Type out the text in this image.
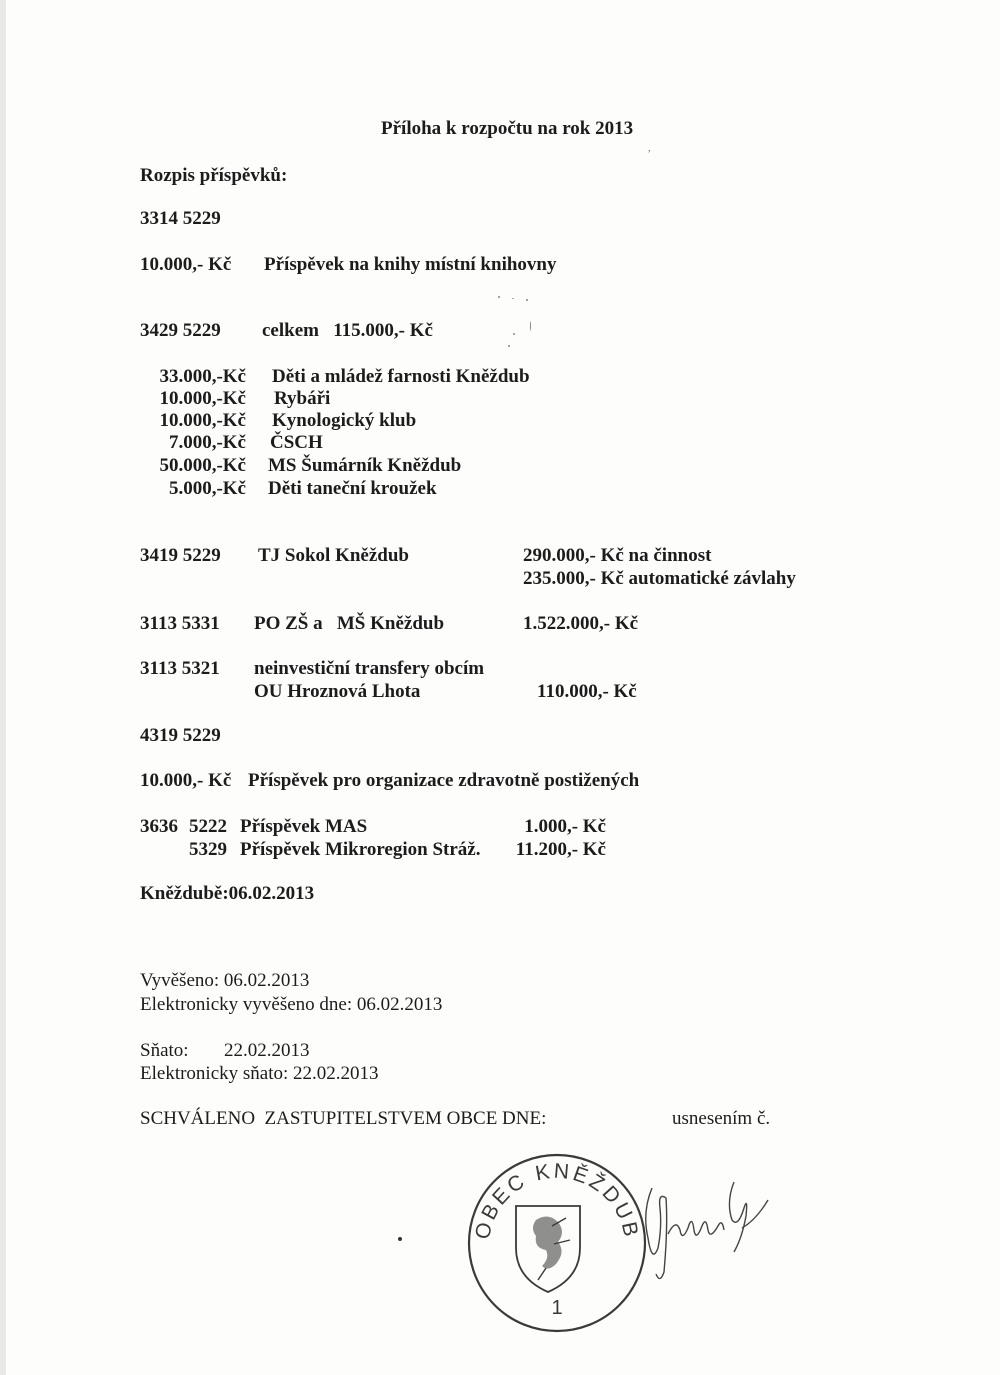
Příloha k rozpočtu na rok 2013
,
Rozpis příspěvků:
3314 5229
10.000,- Kč Příspěvek na knihy místní knihovny
3429 5229 celkem   115.000,- Kč
33.000,-Kč Děti a mládež farnosti Kněždub
10.000,-Kč Rybáři
10.000,-Kč Kynologický klub
7.000,-Kč ČSCH
50.000,-Kč MS Šumárník Kněždub
5.000,-Kč Děti taneční kroužek
3419 5229 TJ Sokol Kněždub	290.000,- Kč na činnost
235.000,- Kč automatické závlahy
3113 5331 PO ZŠ a   MŠ Kněždub	1.522.000,- Kč
3113 5321 neinvestiční transfery obcím
OU Hroznová Lhota	110.000,- Kč
4319 5229
10.000,- Kč Příspěvek pro organizace zdravotně postižených
3636 5222 Příspěvek MAS	1.000,- Kč
5329 Příspěvek Mikroregion Stráž.	11.200,- Kč
Kněždubě:06.02.2013
Vyvěšeno: 06.02.2013
Elektronicky vyvěšeno dne: 06.02.2013
Sňato: 22.02.2013
Elektronicky sňato: 22.02.2013
SCHVÁLENO  ZASTUPITELSTVEM OBCE DNE:	usnesením č.
OBEC KNĚŽDUB
1
